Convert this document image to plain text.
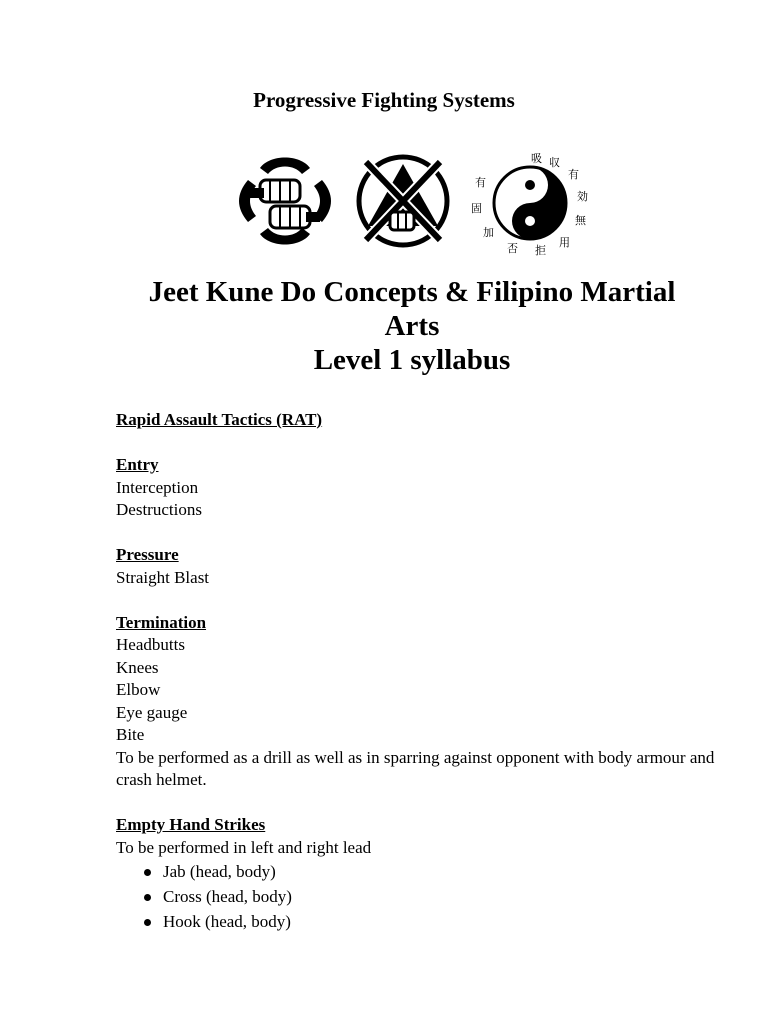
Progressive Fighting Systems
吸 収
有
効
無
用
拒
否
加
固
有
Jeet Kune Do Concepts & Filipino Martial
Arts
Level 1 syllabus

Rapid Assault Tactics (RAT)

Entry

Interception

Destructions

Pressure

Straight Blast

Termination

Headbutts

Knees

Elbow

Eye gauge

Bite

To be performed as a drill as well as in sparring against opponent with body armour and crash helmet.

Empty Hand Strikes

To be performed in left and right lead

Jab (head, body)
Cross (head, body)
Hook (head, body)
